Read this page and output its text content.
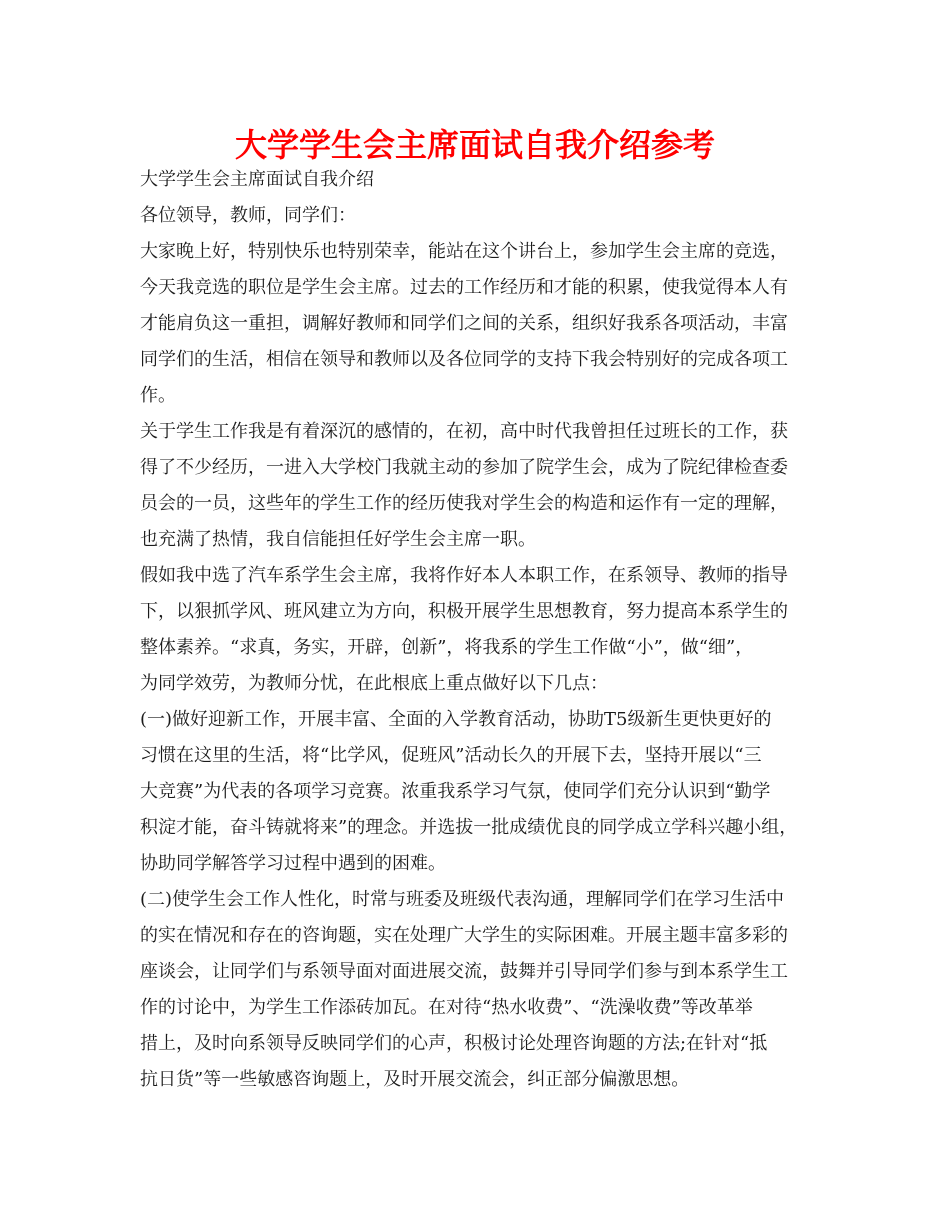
大学学生会主席面试自我介绍参考
大学学生会主席面试自我介绍
各位领导，教师，同学们：
大家晚上好，特别快乐也特别荣幸，能站在这个讲台上，参加学生会主席的竞选，
今天我竞选的职位是学生会主席。过去的工作经历和才能的积累，使我觉得本人有
才能肩负这一重担，调解好教师和同学们之间的关系，组织好我系各项活动，丰富
同学们的生活，相信在领导和教师以及各位同学的支持下我会特别好的完成各项工
作。
关于学生工作我是有着深沉的感情的，在初，高中时代我曾担任过班长的工作，获
得了不少经历，一进入大学校门我就主动的参加了院学生会，成为了院纪律检查委
员会的一员，这些年的学生工作的经历使我对学生会的构造和运作有一定的理解，
也充满了热情，我自信能担任好学生会主席一职。
假如我中选了汽车系学生会主席，我将作好本人本职工作，在系领导、教师的指导
下，以狠抓学风、班风建立为方向，积极开展学生思想教育，努力提高本系学生的
整体素养。“求真，务实，开辟，创新”，将我系的学生工作做“小”，做“细”，
为同学效劳，为教师分忧，在此根底上重点做好以下几点：
(一)做好迎新工作，开展丰富、全面的入学教育活动，协助T5级新生更快更好的
习惯在这里的生活，将“比学风，促班风”活动长久的开展下去，坚持开展以“三
大竞赛”为代表的各项学习竞赛。浓重我系学习气氛，使同学们充分认识到“勤学
积淀才能，奋斗铸就将来”的理念。并选拔一批成绩优良的同学成立学科兴趣小组，
协助同学解答学习过程中遇到的困难。
(二)使学生会工作人性化，时常与班委及班级代表沟通，理解同学们在学习生活中
的实在情况和存在的咨询题，实在处理广大学生的实际困难。开展主题丰富多彩的
座谈会，让同学们与系领导面对面进展交流，鼓舞并引导同学们参与到本系学生工
作的讨论中，为学生工作添砖加瓦。在对待“热水收费”、“洗澡收费”等改革举
措上，及时向系领导反映同学们的心声，积极讨论处理咨询题的方法;在针对“抵
抗日货”等一些敏感咨询题上，及时开展交流会，纠正部分偏激思想。
